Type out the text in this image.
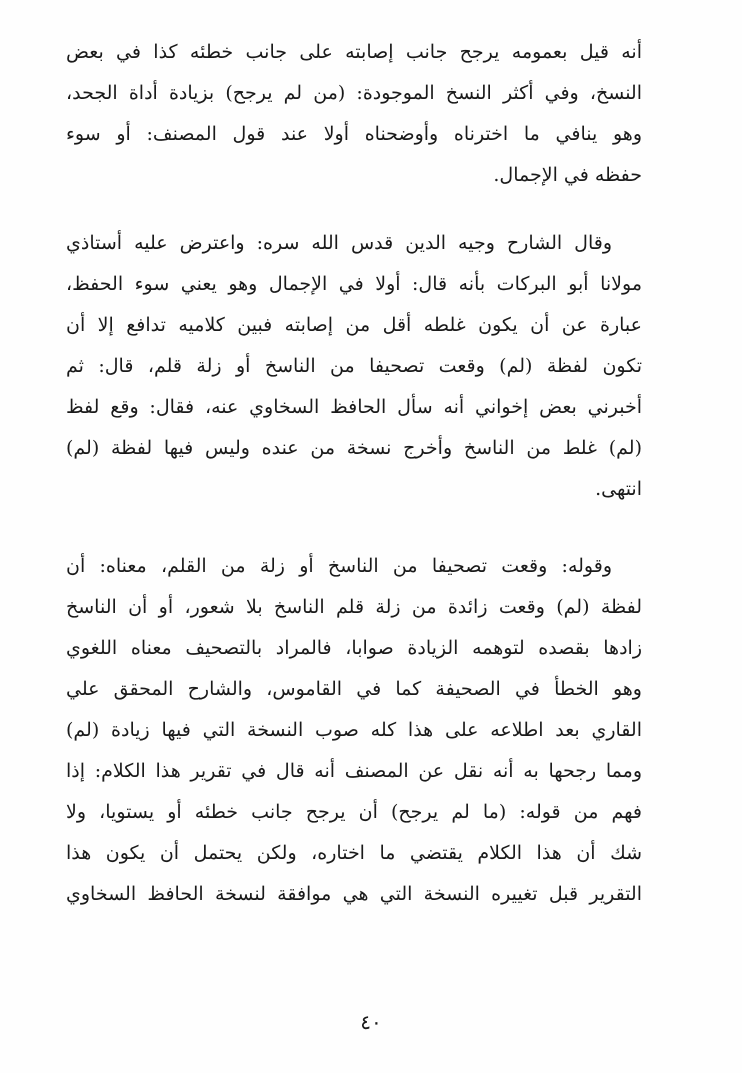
أنه قيل بعمومه يرجح جانب إصابته على جانب خطئه كذا في بعض
النسخ، وفي أكثر النسخ الموجودة: (من لم يرجح) بزيادة أداة الجحد،
وهو ينافي ما اخترناه وأوضحناه أولا عند قول المصنف: أو سوء
حفظه في الإجمال.
وقال الشارح وجيه الدين قدس الله سره: واعترض عليه أستاذي
مولانا أبو البركات بأنه قال: أولا في الإجمال وهو يعني سوء الحفظ،
عبارة عن أن يكون غلطه أقل من إصابته فبين كلاميه تدافع إلا أن
تكون لفظة (لم) وقعت تصحيفا من الناسخ أو زلة قلم، قال: ثم
أخبرني بعض إخواني أنه سأل الحافظ السخاوي عنه، فقال: وقع لفظ
(لم) غلط من الناسخ وأخرج نسخة من عنده وليس فيها لفظة (لم)
انتهى.
وقوله: وقعت تصحيفا من الناسخ أو زلة من القلم، معناه: أن
لفظة (لم) وقعت زائدة من زلة قلم الناسخ بلا شعور، أو أن الناسخ
زادها بقصده لتوهمه الزيادة صوابا، فالمراد بالتصحيف معناه اللغوي
وهو الخطأ في الصحيفة كما في القاموس، والشارح المحقق علي
القاري بعد اطلاعه على هذا كله صوب النسخة التي فيها زيادة (لم)
ومما رجحها به أنه نقل عن المصنف أنه قال في تقرير هذا الكلام: إذا
فهم من قوله: (ما لم يرجح) أن يرجح جانب خطئه أو يستويا، ولا
شك أن هذا الكلام يقتضي ما اختاره، ولكن يحتمل أن يكون هذا
التقرير قبل تغييره النسخة التي هي موافقة لنسخة الحافظ السخاوي
٤٠
